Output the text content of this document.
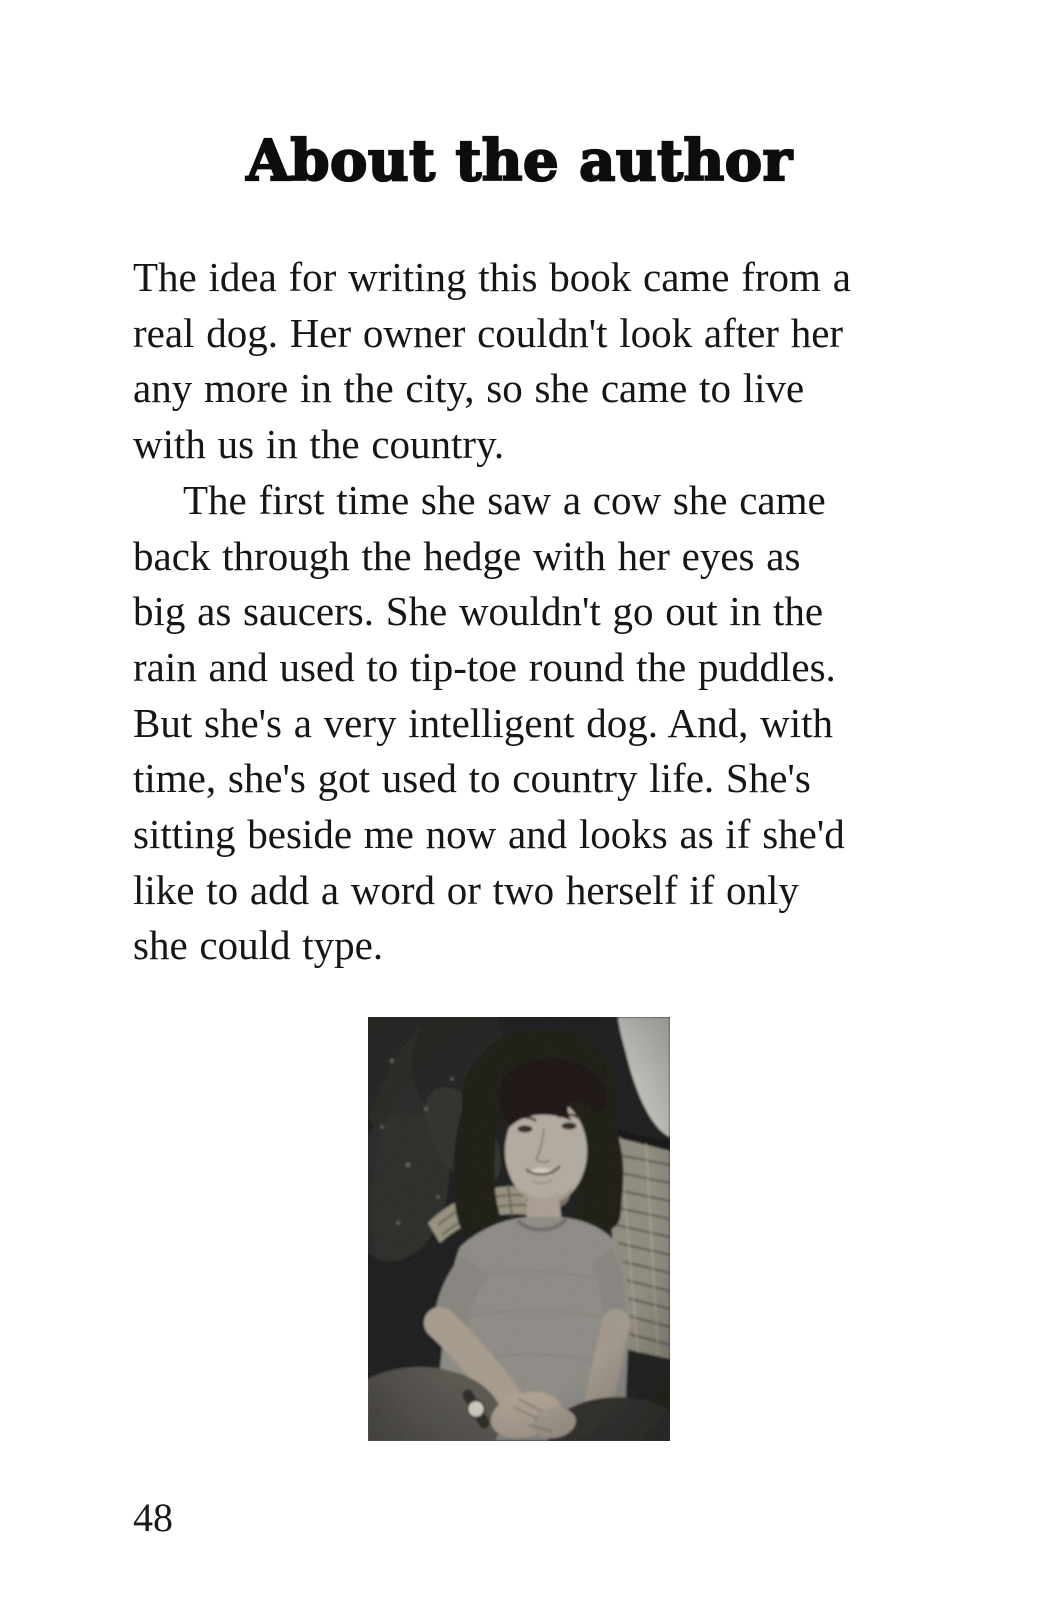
About the author
The idea for writing this book came from a
real dog. Her owner couldn't look after her
any more in the city, so she came to live
with us in the country.
The first time she saw a cow she came
back through the hedge with her eyes as
big as saucers. She wouldn't go out in the
rain and used to tip-toe round the puddles.
But she's a very intelligent dog. And, with
time, she's got used to country life. She's
sitting beside me now and looks as if she'd
like to add a word or two herself if only
she could type.
48
